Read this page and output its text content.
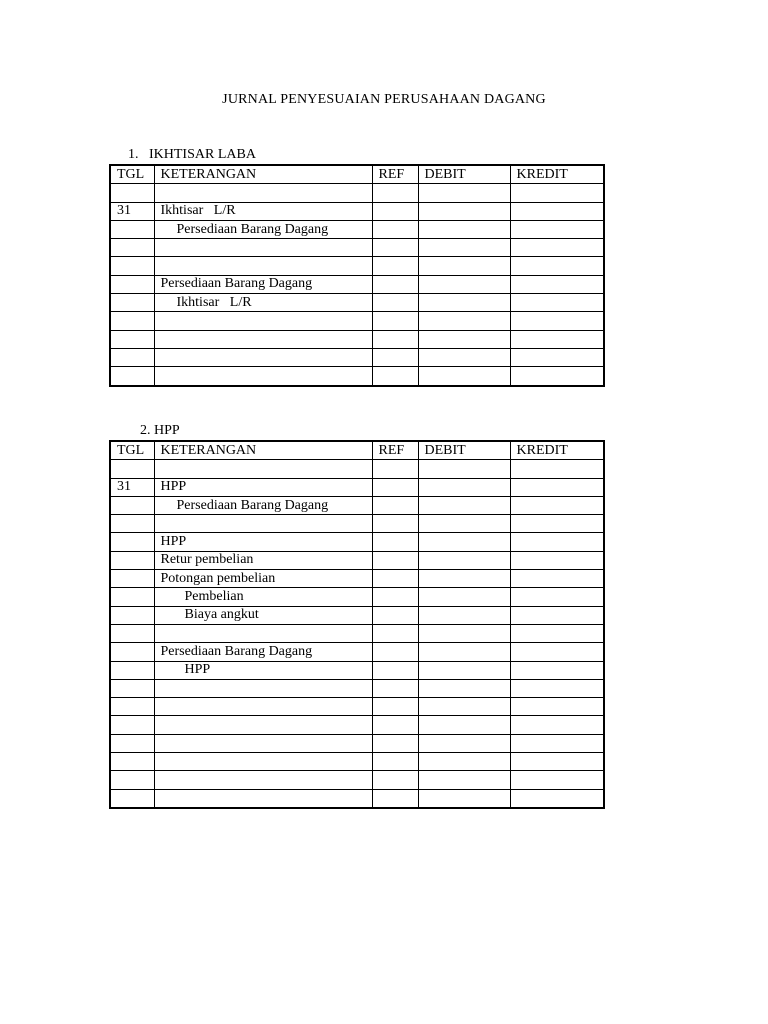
JURNAL PENYESUAIAN PERUSAHAAN DAGANG
1.   IKHTISAR LABA
TGL	KETERANGAN	REF	DEBIT	KREDIT

31	Ikhtisar   L/R			
	Persediaan Barang Dagang			

	Persediaan Barang Dagang			
	Ikhtisar   L/R			

2. HPP
TGL	KETERANGAN	REF	DEBIT	KREDIT

31	HPP			
	Persediaan Barang Dagang			

	HPP			
	Retur pembelian			
	Potongan pembelian			
	Pembelian			
	Biaya angkut			

	Persediaan Barang Dagang			
	HPP			
